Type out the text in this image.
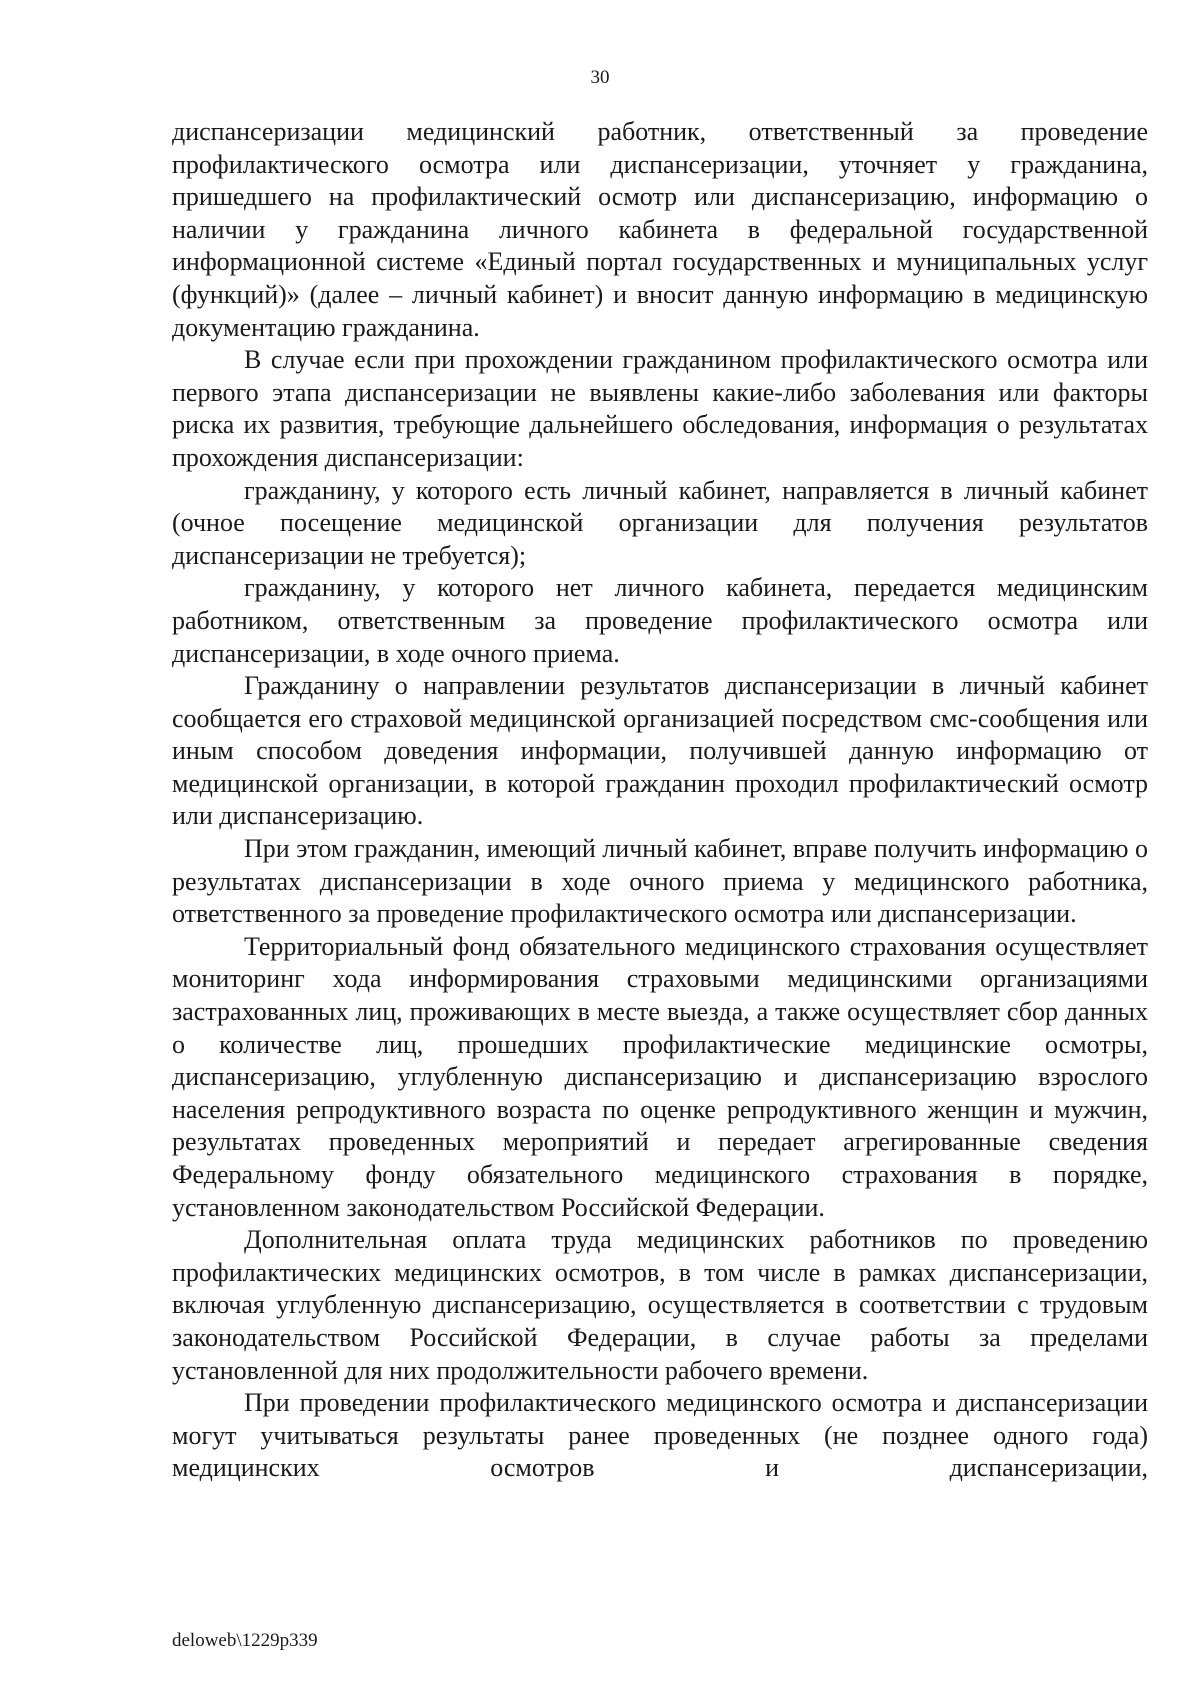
30

диспансеризации медицинский работник, ответственный за проведение профилактического осмотра или диспансеризации, уточняет у гражданина, пришедшего на профилактический осмотр или диспансеризацию, информацию о наличии у гражданина личного кабинета в федеральной государственной информационной системе «Единый портал государственных и муниципальных услуг (функций)» (далее – личный кабинет) и вносит данную информацию в медицинскую документацию гражданина.

В случае если при прохождении гражданином профилактического осмотра или первого этапа диспансеризации не выявлены какие-либо заболевания или факторы риска их развития, требующие дальнейшего обследования, информация о результатах прохождения диспансеризации:

гражданину, у которого есть личный кабинет, направляется в личный кабинет (очное посещение медицинской организации для получения результатов диспансеризации не требуется);

гражданину, у которого нет личного кабинета, передается медицинским работником, ответственным за проведение профилактического осмотра или диспансеризации, в ходе очного приема.

Гражданину о направлении результатов диспансеризации в личный кабинет сообщается его страховой медицинской организацией посредством смс-сообщения или иным способом доведения информации, получившей данную информацию от медицинской организации, в которой гражданин проходил профилактический осмотр или диспансеризацию.

При этом гражданин, имеющий личный кабинет, вправе получить информацию о результатах диспансеризации в ходе очного приема у медицинского работника, ответственного за проведение профилактического осмотра или диспансеризации.

Территориальный фонд обязательного медицинского страхования осуществляет мониторинг хода информирования страховыми медицинскими организациями застрахованных лиц, проживающих в месте выезда, а также осуществляет сбор данных о количестве лиц, прошедших профилактические медицинские осмотры, диспансеризацию, углубленную диспансеризацию и диспансеризацию взрослого населения репродуктивного возраста по оценке репродуктивного женщин и мужчин, результатах проведенных мероприятий и передает агрегированные сведения Федеральному фонду обязательного медицинского страхования в порядке, установленном законодательством Российской Федерации.

Дополнительная оплата труда медицинских работников по проведению профилактических медицинских осмотров, в том числе в рамках диспансеризации, включая углубленную диспансеризацию, осуществляется в соответствии с трудовым законодательством Российской Федерации, в случае работы за пределами установленной для них продолжительности рабочего времени.

При проведении профилактического медицинского осмотра и диспансеризации могут учитываться результаты ранее проведенных (не позднее одного года) медицинских осмотров и диспансеризации,

deloweb\1229p339
